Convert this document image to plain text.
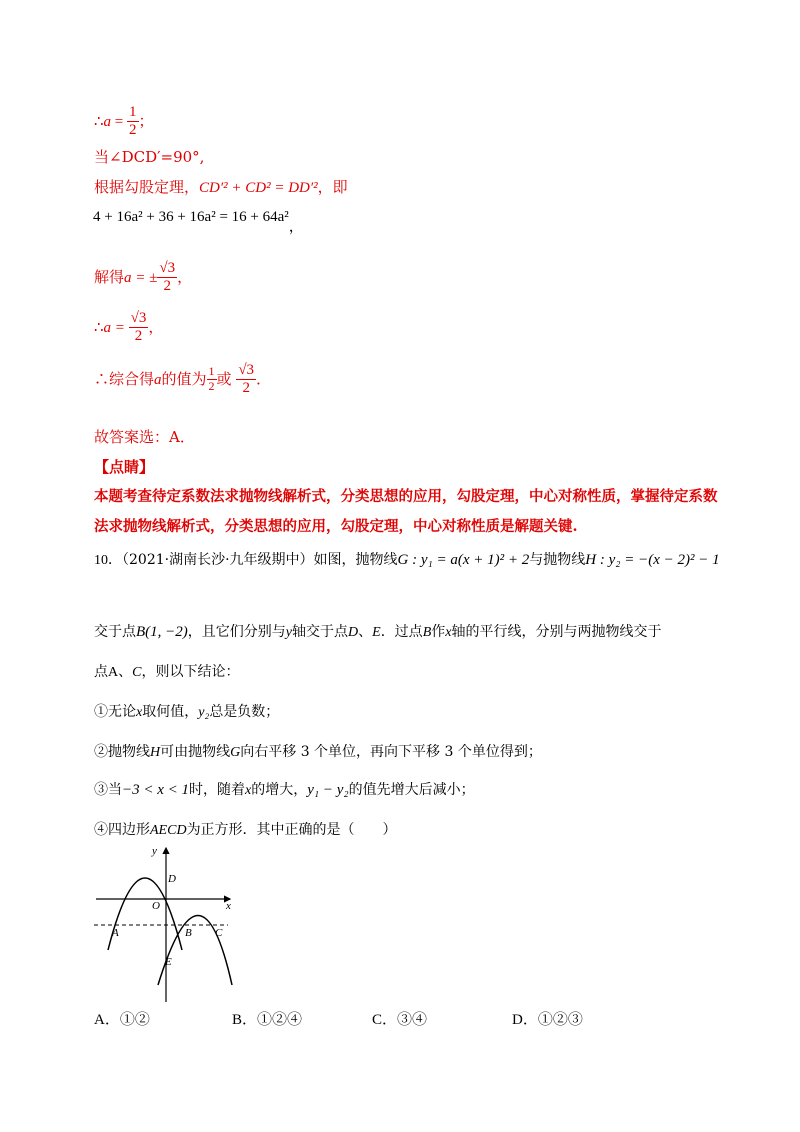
∴a = $\frac{1}{2}$ ；
当∠DCD′=90°,
根据勾股定理，CD′² + CD² = DD′²，即
4 + 16a² + 36 + 16a² = 16 + 64a²，
解得a = ± $\frac{√3}{2}$ ，
∴a = $\frac{√3}{2}$ ，
∴综合得a的值为 $\frac{1}{2}$ 或 $\frac{√3}{2}$ ．
故答案选：A．
【点睛】
本题考查待定系数法求抛物线解析式，分类思想的应用，勾股定理，中心对称性质，掌握待定系数
法求抛物线解析式，分类思想的应用，勾股定理，中心对称性质是解题关键.
10．（2021·湖南长沙·九年级期中）如图，抛物线G : y₁ = a(x + 1)² + 2与抛物线H : y₂ = −(x − 2)² − 1
交于点B(1, −2)，且它们分别与y轴交于点D、E．过点B作x轴的平行线，分别与两抛物线交于
点A、C，则以下结论：
①无论x取何值，y₂总是负数；
②抛物线H可由抛物线G向右平移 3 个单位，再向下平移 3 个单位得到；
③当−3 < x < 1时，随着x的增大，y₁ − y₂的值先增大后减小；
④四边形AECD为正方形．其中正确的是（　　）
y
x
O
D
A	B C
E
A．①②	B．①②④	C．③④	D．①②③
